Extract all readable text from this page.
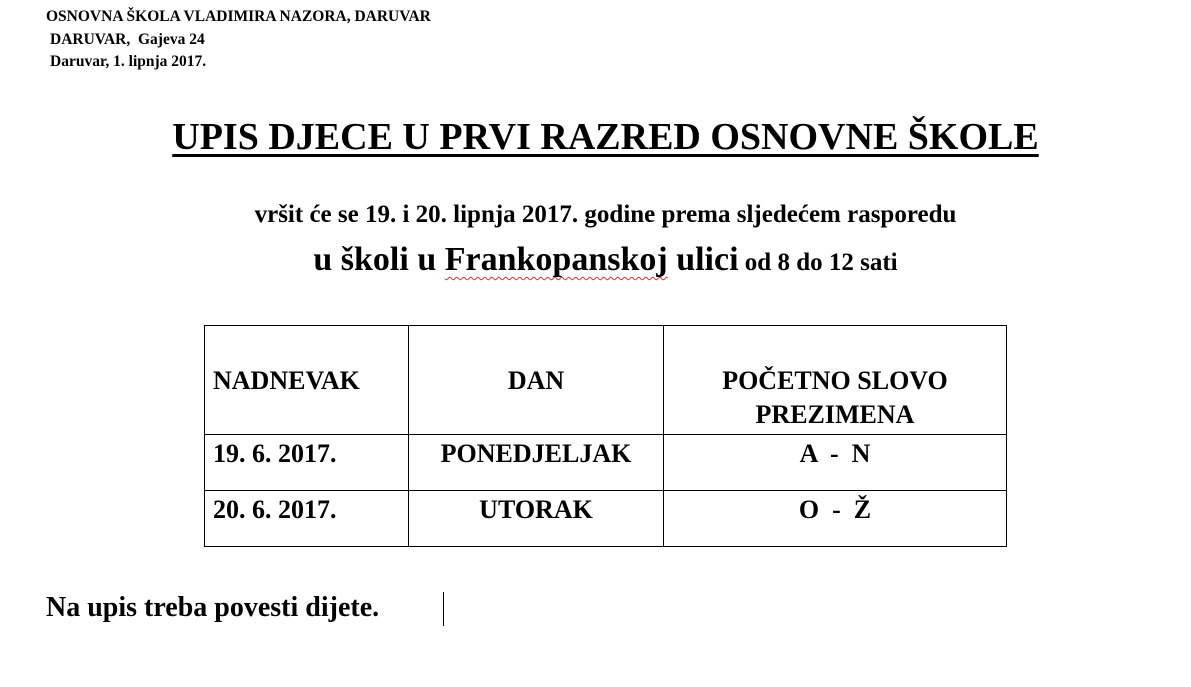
OSNOVNA ŠKOLA VLADIMIRA NAZORA, DARUVAR
DARUVAR,  Gajeva 24
Daruvar, 1. lipnja 2017.
UPIS DJECE U PRVI RAZRED OSNOVNE ŠKOLE
vršit će se 19. i 20. lipnja 2017. godine prema sljedećem rasporedu
u školi u Frankopanskoj ulici od 8 do 12 sati
NADNEVAK	DAN	POČETNO SLOVO PREZIMENA
19. 6. 2017.	PONEDJELJAK	A  -  N
20. 6. 2017.	UTORAK	O  -  Ž
Na upis treba povesti dijete.
